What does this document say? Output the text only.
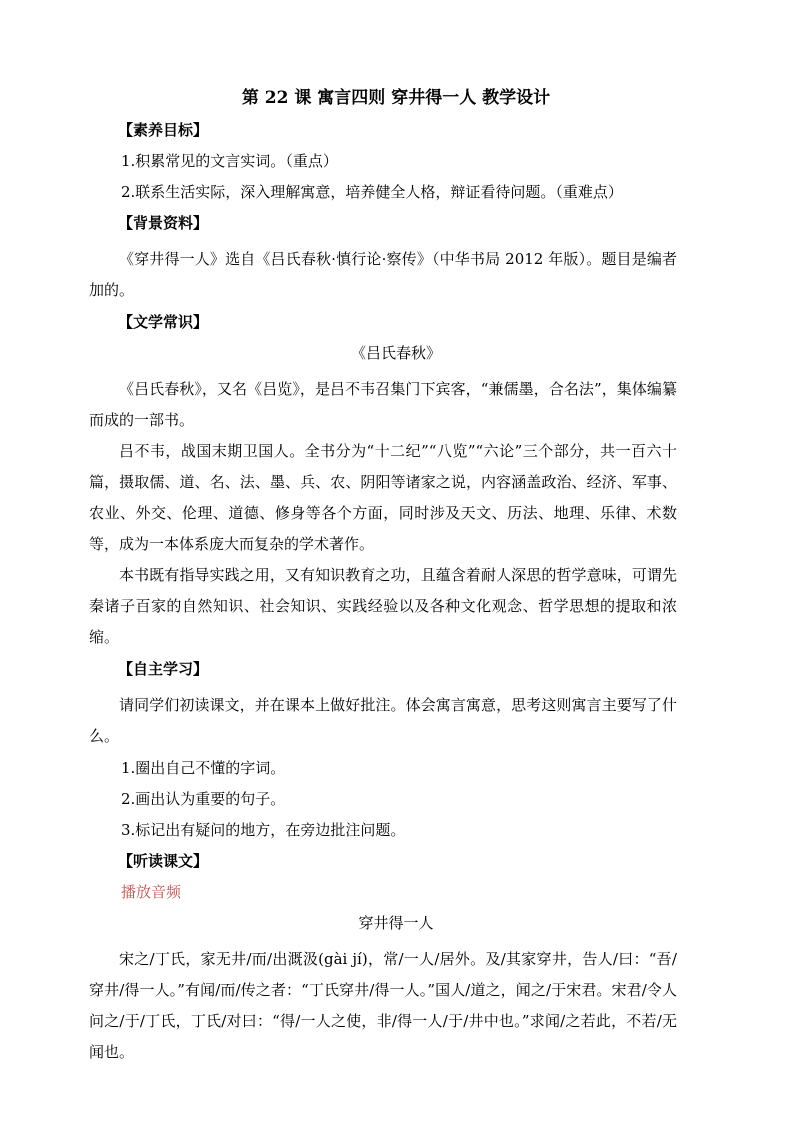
第 22 课 寓言四则 穿井得一人 教学设计
【素养目标】
1.积累常见的文言实词。（重点）
2.联系生活实际，深入理解寓意，培养健全人格，辩证看待问题。（重难点）
【背景资料】
《穿井得一人》选自《吕氏春秋·慎行论·察传》（中华书局 2012 年版）。题目是编者加的。
【文学常识】
《吕氏春秋》
《吕氏春秋》，又名《吕览》，是吕不韦召集门下宾客，“兼儒墨，合名法”，集体编纂而成的一部书。
吕不韦，战国末期卫国人。全书分为“十二纪”“八览”“六论”三个部分，共一百六十篇，摄取儒、道、名、法、墨、兵、农、阴阳等诸家之说，内容涵盖政治、经济、军事、农业、外交、伦理、道德、修身等各个方面，同时涉及天文、历法、地理、乐律、术数等，成为一本体系庞大而复杂的学术著作。
本书既有指导实践之用，又有知识教育之功，且蕴含着耐人深思的哲学意味，可谓先秦诸子百家的自然知识、社会知识、实践经验以及各种文化观念、哲学思想的提取和浓缩。
【自主学习】
请同学们初读课文，并在课本上做好批注。体会寓言寓意，思考这则寓言主要写了什么。
1.圈出自己不懂的字词。
2.画出认为重要的句子。
3.标记出有疑问的地方，在旁边批注问题。
【听读课文】
播放音频
穿井得一人
宋之/丁氏，家无井/而/出溉汲(gài jí)，常/一人/居外。及/其家穿井，告人/曰：“吾/穿井/得一人。”有闻/而/传之者：“丁氏穿井/得一人。”国人/道之，闻之/于宋君。宋君/令人问之/于/丁氏，丁氏/对曰：“得/一人之使，非/得一人/于/井中也。”求闻/之若此，不若/无闻也。
